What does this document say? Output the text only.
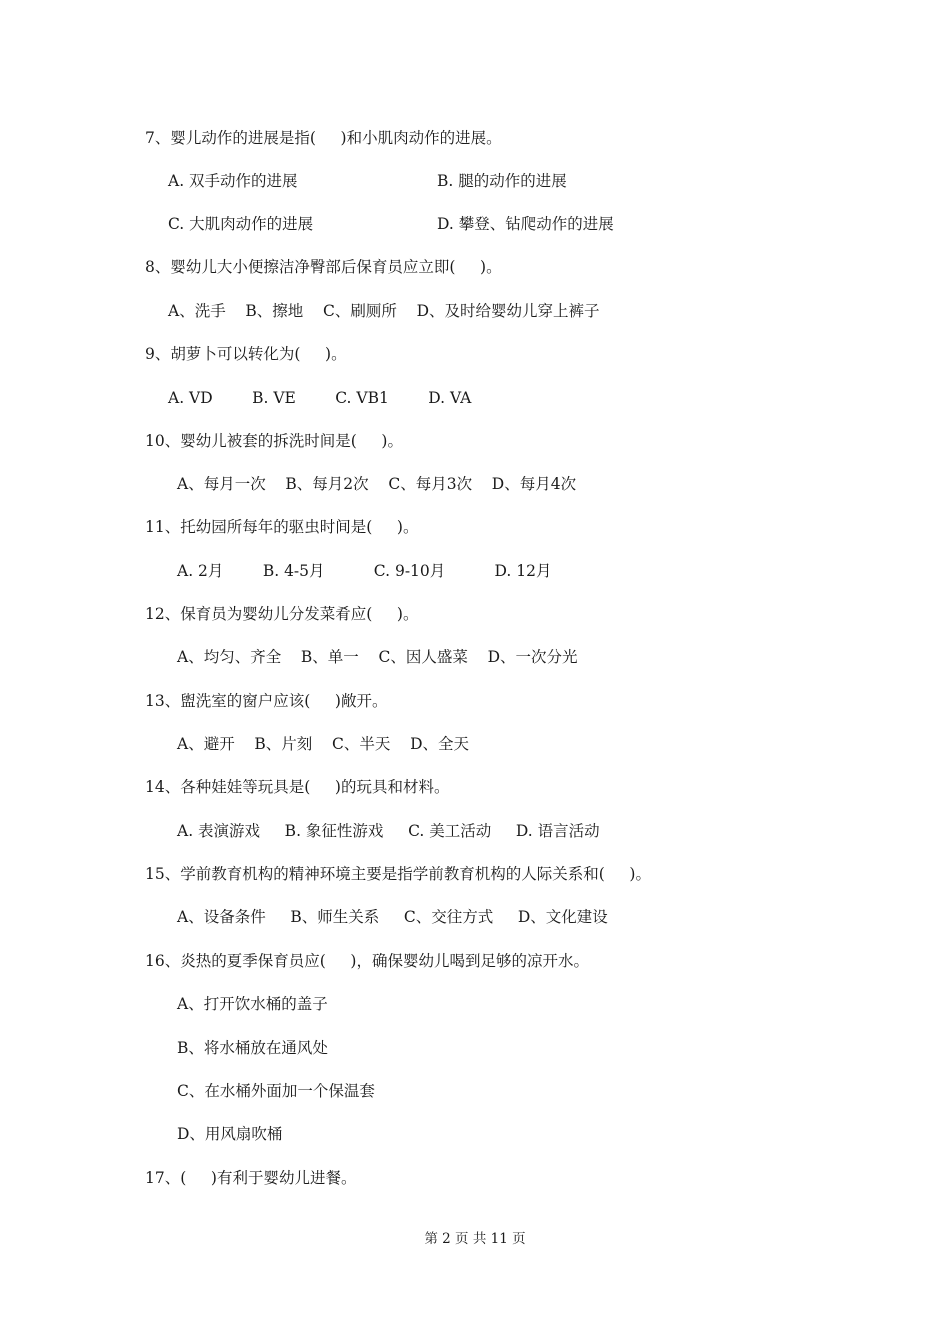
7、婴儿动作的进展是指(     )和小肌肉动作的进展。
A. 双手动作的进展	B. 腿的动作的进展
C. 大肌肉动作的进展	D. 攀登、钻爬动作的进展
8、婴幼儿大小便擦洁净臀部后保育员应立即(     )。
A、洗手    B、擦地    C、刷厕所    D、及时给婴幼儿穿上裤子
9、胡萝卜可以转化为(     )。
A. VD        B. VE        C. VB1        D. VA
10、婴幼儿被套的拆洗时间是(     )。
A、每月一次    B、每月2次    C、每月3次    D、每月4次
11、托幼园所每年的驱虫时间是(     )。
A. 2月        B. 4-5月          C. 9-10月          D. 12月
12、保育员为婴幼儿分发菜肴应(     )。
A、均匀、齐全    B、单一    C、因人盛菜    D、一次分光
13、盥洗室的窗户应该(     )敞开。
A、避开    B、片刻    C、半天    D、全天
14、各种娃娃等玩具是(     )的玩具和材料。
A. 表演游戏     B. 象征性游戏     C. 美工活动     D. 语言活动
15、学前教育机构的精神环境主要是指学前教育机构的人际关系和(     )。
A、设备条件     B、师生关系     C、交往方式     D、文化建设
16、炎热的夏季保育员应(     )，确保婴幼儿喝到足够的凉开水。
A、打开饮水桶的盖子
B、将水桶放在通风处
C、在水桶外面加一个保温套
D、用风扇吹桶
17、(     )有利于婴幼儿进餐。
第 2 页 共 11 页
